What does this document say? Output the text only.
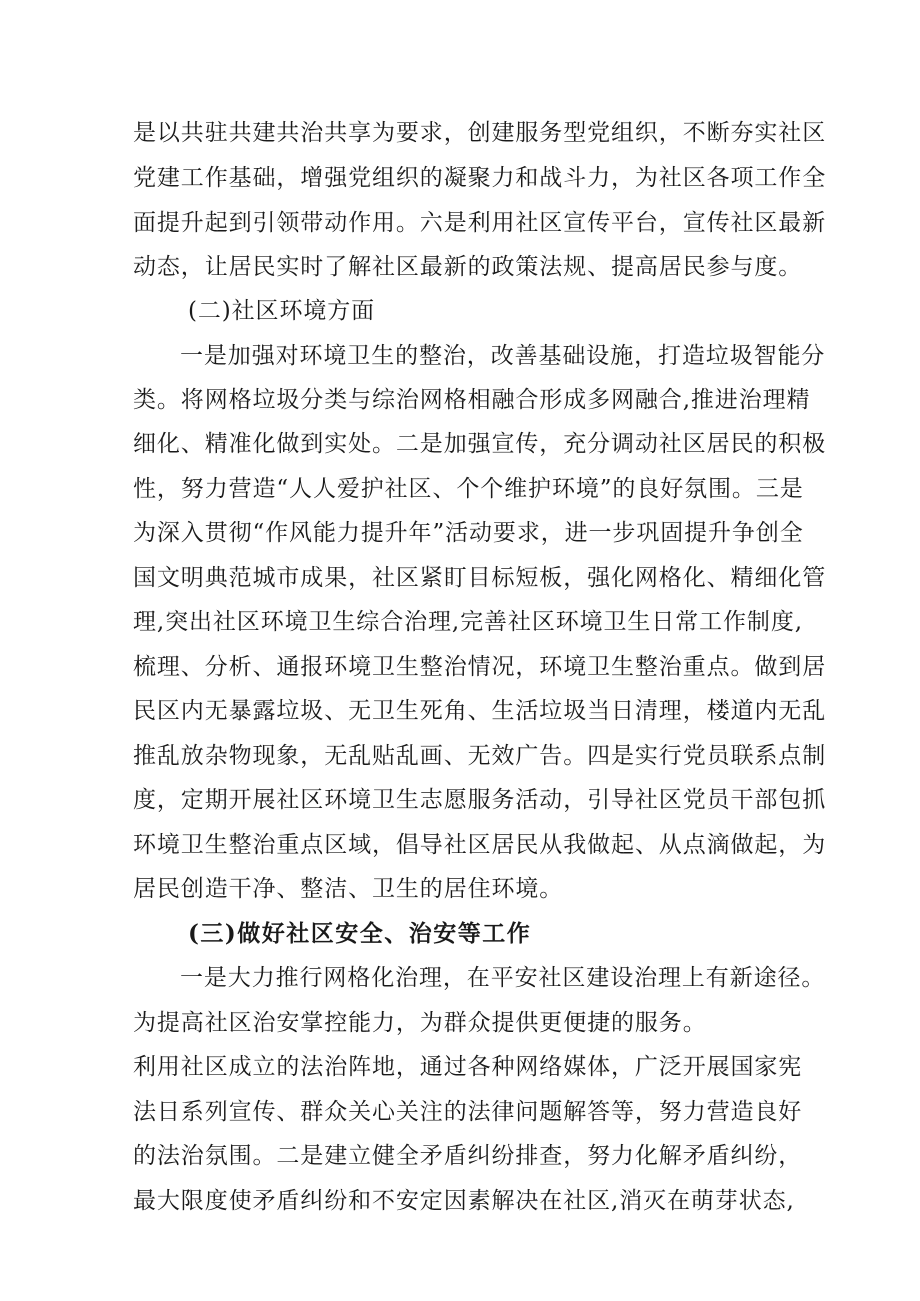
是以共驻共建共治共享为要求，创建服务型党组织，不断夯实社区
党建工作基础，增强党组织的凝聚力和战斗力，为社区各项工作全
面提升起到引领带动作用。六是利用社区宣传平台，宣传社区最新
动态，让居民实时了解社区最新的政策法规、提高居民参与度。
(二)社区环境方面
一是加强对环境卫生的整治，改善基础设施，打造垃圾智能分
类。将网格垃圾分类与综治网格相融合形成多网融合,推进治理精
细化、精准化做到实处。二是加强宣传，充分调动社区居民的积极
性，努力营造“人人爱护社区、个个维护环境”的良好氛围。三是
为深入贯彻“作风能力提升年”活动要求，进一步巩固提升争创全
国文明典范城市成果，社区紧盯目标短板，强化网格化、精细化管
理,突出社区环境卫生综合治理,完善社区环境卫生日常工作制度,
梳理、分析、通报环境卫生整治情况，环境卫生整治重点。做到居
民区内无暴露垃圾、无卫生死角、生活垃圾当日清理，楼道内无乱
推乱放杂物现象，无乱贴乱画、无效广告。四是实行党员联系点制
度，定期开展社区环境卫生志愿服务活动，引导社区党员干部包抓
环境卫生整治重点区域，倡导社区居民从我做起、从点滴做起，为
居民创造干净、整洁、卫生的居住环境。
(三)做好社区安全、治安等工作
一是大力推行网格化治理，在平安社区建设治理上有新途径。
为提高社区治安掌控能力，为群众提供更便捷的服务。
利用社区成立的法治阵地，通过各种网络媒体，广泛开展国家宪
法日系列宣传、群众关心关注的法律问题解答等，努力营造良好
的法治氛围。二是建立健全矛盾纠纷排查，努力化解矛盾纠纷，
最大限度使矛盾纠纷和不安定因素解决在社区,消灭在萌芽状态,
